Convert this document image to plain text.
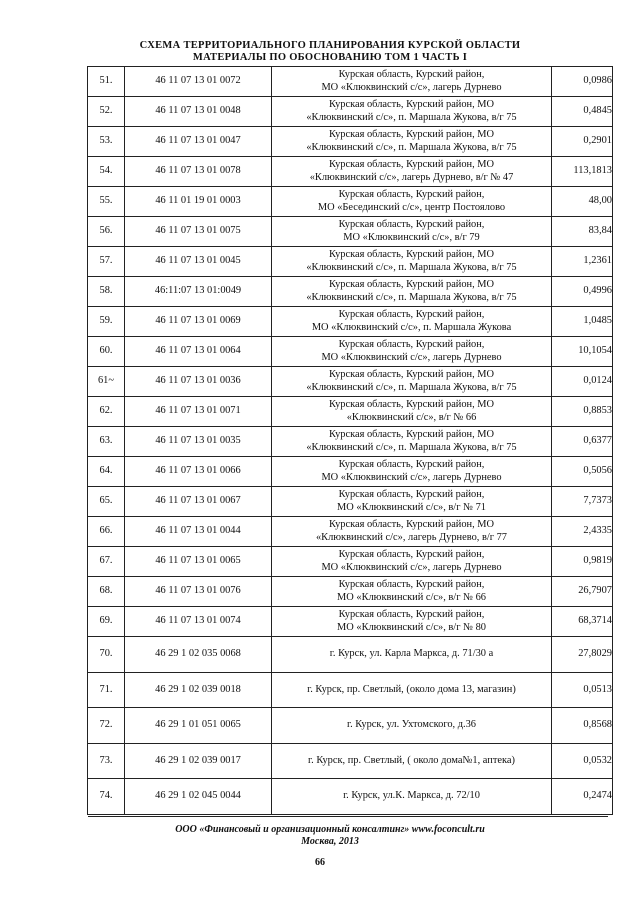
СХЕМА ТЕРРИТОРИАЛЬНОГО ПЛАНИРОВАНИЯ КУРСКОЙ ОБЛАСТИ
МАТЕРИАЛЫ ПО ОБОСНОВАНИЮ ТОМ 1 ЧАСТЬ I
51.	46 11 07 13 01 0072	Курская область, Курский район,
МО «Клюквинский с/с», лагерь Дурнево	0,0986
52.	46 11 07 13 01 0048	Курская область, Курский район, МО
«Клюквинский с/с», п. Маршала Жукова, в/г 75	0,4845
53.	46 11 07 13 01 0047	Курская область, Курский район, МО
«Клюквинский с/с», п. Маршала Жукова, в/г 75	0,2901
54.	46 11 07 13 01 0078	Курская область, Курский район, МО
«Клюквинский с/с», лагерь Дурнево, в/г № 47	113,1813
55.	46 11 01 19 01 0003	Курская область, Курский район,
МО «Бесединский с/с», центр Постоялово	48,00
56.	46 11 07 13 01 0075	Курская область, Курский район,
МО «Клюквинский с/с», в/г 79	83,84
57.	46 11 07 13 01 0045	Курская область, Курский район, МО
«Клюквинский с/с», п. Маршала Жукова, в/г 75	1,2361
58.	46:11:07 13 01:0049	Курская область, Курский район, МО
«Клюквинский с/с», п. Маршала Жукова, в/г 75	0,4996
59.	46 11 07 13 01 0069	Курская область, Курский район,
МО «Клюквинский с/с», п. Маршала Жукова	1,0485
60.	46 11 07 13 01 0064	Курская область, Курский район,
МО «Клюквинский с/с», лагерь Дурнево	10,1054
61~	46 11 07 13 01 0036	Курская область, Курский район, МО
«Клюквинский с/с», п. Маршала Жукова, в/г 75	0,0124
62.	46 11 07 13 01 0071	Курская область, Курский район, МО
«Клюквинский с/с», в/г № 66	0,8853
63.	46 11 07 13 01 0035	Курская область, Курский район, МО
«Клюквинский с/с», п. Маршала Жукова, в/г 75	0,6377
64.	46 11 07 13 01 0066	Курская область, Курский район,
МО «Клюквинский с/с», лагерь Дурнево	0,5056
65.	46 11 07 13 01 0067	Курская область, Курский район,
МО «Клюквинский с/с», в/г № 71	7,7373
66.	46 11 07 13 01 0044	Курская область, Курский район, МО
«Клюквинский с/с», лагерь Дурнево, в/г 77	2,4335
67.	46 11 07 13 01 0065	Курская область, Курский район,
МО «Клюквинский с/с», лагерь Дурнево	0,9819
68.	46 11 07 13 01 0076	Курская область, Курский район,
МО «Клюквинский с/с», в/г № 66	26,7907
69.	46 11 07 13 01 0074	Курская область, Курский район,
МО «Клюквинский с/с», в/г № 80	68,3714
70.	46 29 1 02 035 0068	г. Курск, ул. Карла Маркса, д. 71/30 а	27,8029
71.	46 29 1 02 039 0018	г. Курск, пр. Светлый, (около дома 13, магазин)	0,0513
72.	46 29 1 01 051 0065	г. Курск, ул. Ухтомского, д.36	0,8568
73.	46 29 1 02 039 0017	г. Курск, пр. Светлый, ( около дома№1, аптека)	0,0532
74.	46 29 1 02 045 0044	г. Курск, ул.К. Маркса, д. 72/10	0,2474
ООО «Финансовый и организационный консалтинг» www.foconcult.ru
Москва, 2013
66
